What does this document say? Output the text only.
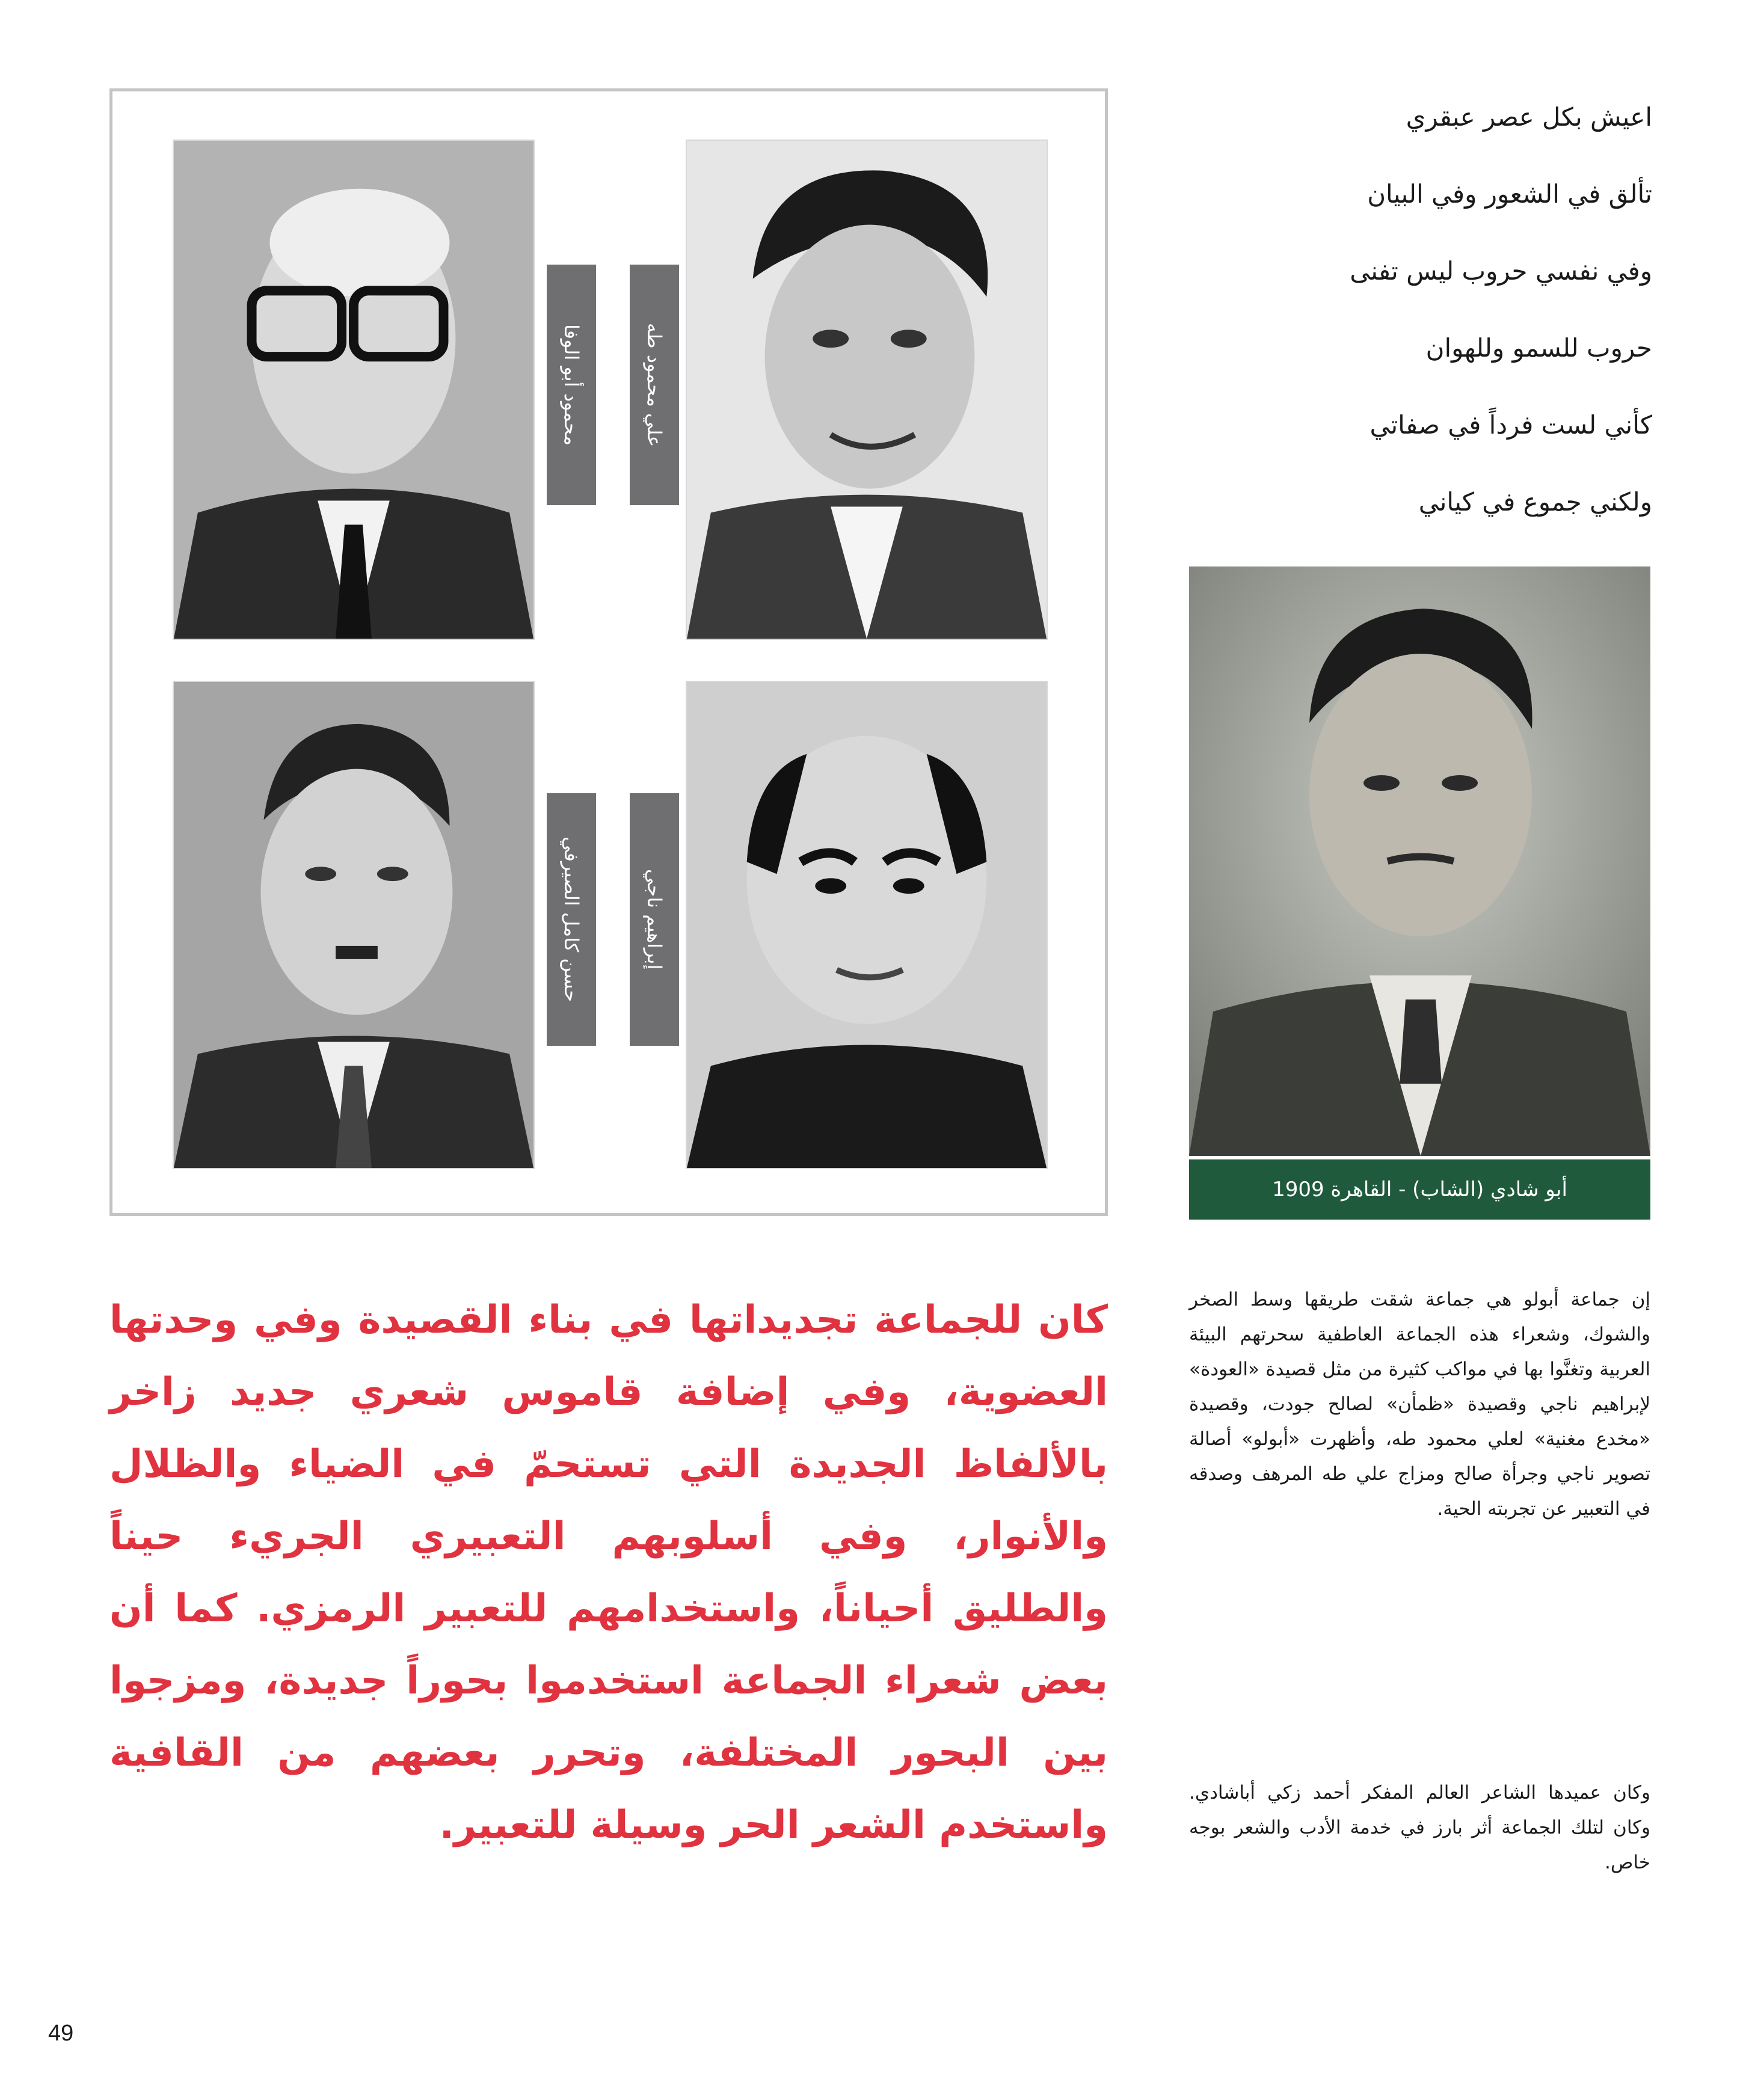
علي محمود طه
محمود أبو الوفا
إبراهيم ناجي
حسن كامل الصيرفي
اعيش بكل عصر عبقري
تألق في الشعور وفي البيان
وفي نفسي حروب ليس تفنى
حروب للسمو وللهوان
كأني لست فرداً في صفاتي
ولكني جموع في كياني
أبو شادي (الشاب) - القاهرة 1909

إن جماعة أبولو هي جماعة شقت طريقها وسط الصخر والشوك، وشعراء هذه الجماعة العاطفية سحرتهم البيئة العربية وتغنَّوا بها في مواكب كثيرة من مثل قصيدة «العودة» لإبراهيم ناجي وقصيدة «ظمأن» لصالح جودت، وقصيدة «مخدع مغنية» لعلي محمود طه، وأظهرت «أبولو» أصالة تصوير ناجي وجرأة صالح ومزاج علي طه المرهف وصدقه في التعبير عن تجربته الحية.

وكان عميدها الشاعر العالم المفكر أحمد زكي أباشادي. وكان لتلك الجماعة أثر بارز في خدمة الأدب والشعر بوجه خاص.

كان للجماعة تجديداتها في بناء القصيدة وفي وحدتها العضوية، وفي إضافة قاموس شعري جديد زاخر بالألفاظ الجديدة التي تستحمّ في الضياء والظلال والأنوار، وفي أسلوبهم التعبيري الجريء حيناً والطليق أحياناً، واستخدامهم للتعبير الرمزي. كما أن بعض شعراء الجماعة استخدموا بحوراً جديدة، ومزجوا بين البحور المختلفة، وتحرر بعضهم من القافية واستخدم الشعر الحر وسيلة للتعبير.

49
